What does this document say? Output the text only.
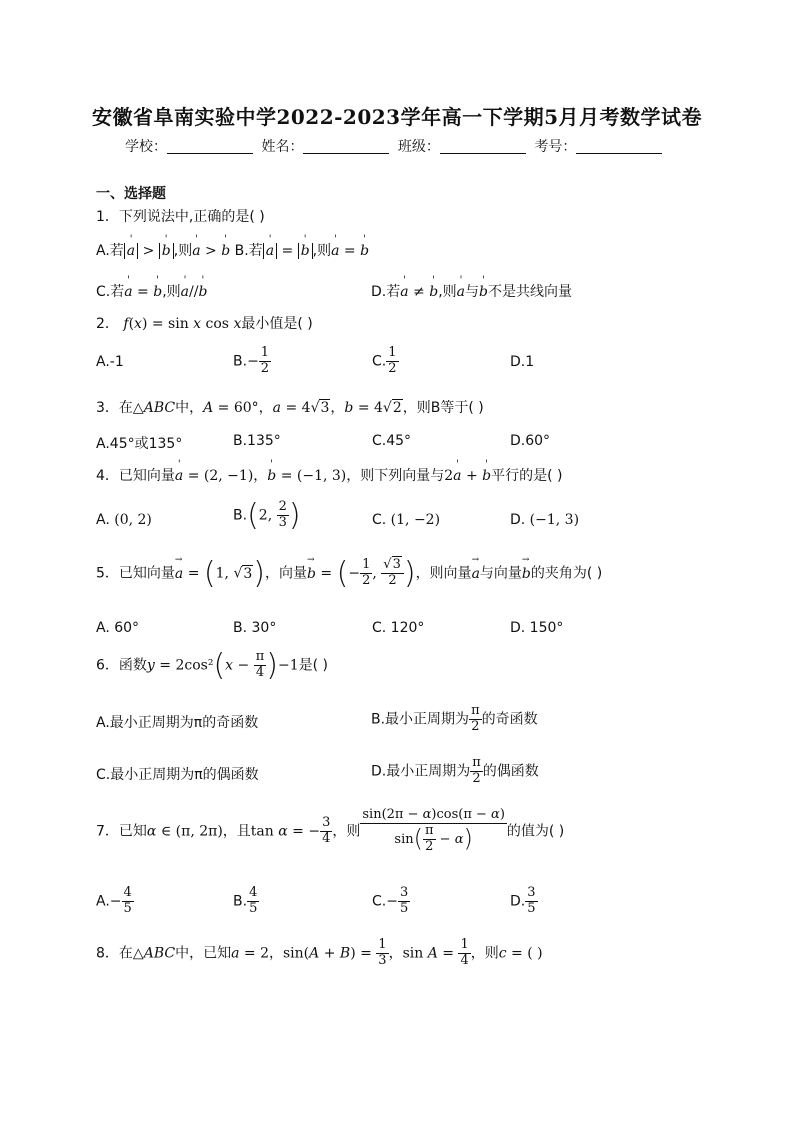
安徽省阜南实验中学2022-2023学年高一下学期5月月考数学试卷
学校：	姓名：	班级：	考号：
一、选择题
1．下列说法中,正确的是( )
A.若 ' a > ' b ,则' a > ' b B.若 ' a = ' b ,则' a = ' b
C.若' a = ' b,则' a//' b	D.若' a ≠ ' b,则' a与' b不是共线向量
2． f(x) = sin x cos x最小值是( )
A.-1	$B.- \frac{1}{2}$	C. $\frac{1}{2}$	D.1
3．在△ABC中，A = 60°，a = 4√3，b = 4√2，则B等于( )
A.45°或135°	B.135°	C.45°	D.60°
4．已知向量' a = (2, −1)，' b = (−1, 3)，则下列向量与2' a + ' b平行的是( )
A. (0, 2)	B.(2, $\frac{2}{3}$ )	C. (1, −2)	D. (−1, 3)
5．已知向量→ a = (1, √3)，向量→ b = (− $\frac{1}{2}$ , $\frac{√3}{2}$ )，则向量→ a与向量→ b的夹角为( )
A. 60°	B. 30°	C. 120°	D. 150°
6．函数$y = 2\cos^2(x - \frac{\pi}{4} )-1$是( )
A.最小正周期为π的奇函数	B.最小正周期为 $\frac{\pi}{2}$ 的奇函数
C.最小正周期为π的偶函数	D.最小正周期为 $\frac{\pi}{2}$ 的偶函数
7．已知α ∈ (π, 2π)，且tan α = − $\frac{3}{4}$ ，则 $\frac{\sin(2\pi - \alpha)\cos(\pi - \alpha)}{\sin( \frac{\pi}{2} - \alpha)}$ 的值为( )
$A.- \frac{4}{5}$	B. $\frac{4}{5}$	$C.- \frac{3}{5}$	D. $\frac{3}{5}$
8．在△ABC中，已知a = 2，$\sin(A + B) = \frac{1}{3}$ ，$\sin A = \frac{1}{4}$ ，则c = ( )
